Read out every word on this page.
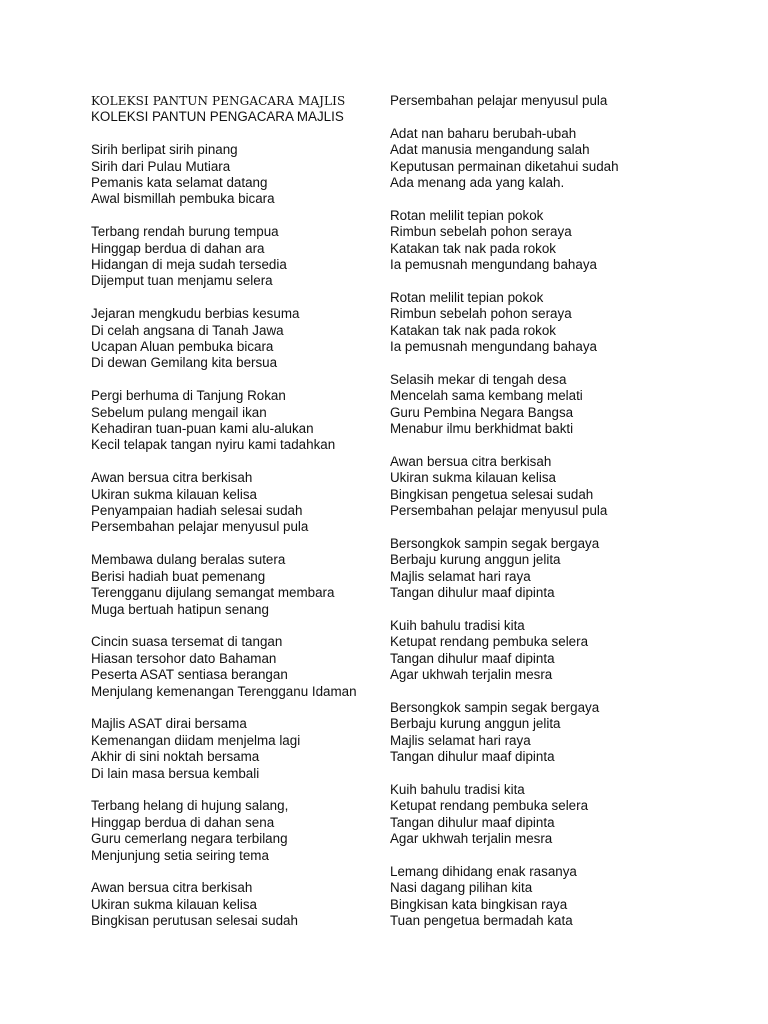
KOLEKSI PANTUN PENGACARA MAJLIS
KOLEKSI PANTUN PENGACARA MAJLIS
Sirih berlipat sirih pinang
Sirih dari Pulau Mutiara
Pemanis kata selamat datang
Awal bismillah pembuka bicara
Terbang rendah burung tempua
Hinggap berdua di dahan ara
Hidangan di meja sudah tersedia
Dijemput tuan menjamu selera
Jejaran mengkudu berbias kesuma
Di celah angsana di Tanah Jawa
Ucapan Aluan pembuka bicara
Di dewan Gemilang kita bersua
Pergi berhuma di Tanjung Rokan
Sebelum pulang mengail ikan
Kehadiran tuan-puan kami alu-alukan
Kecil telapak tangan nyiru kami tadahkan
Awan bersua citra berkisah
Ukiran sukma kilauan kelisa
Penyampaian hadiah selesai sudah
Persembahan pelajar menyusul pula
Membawa dulang beralas sutera
Berisi hadiah buat pemenang
Terengganu dijulang semangat membara
Muga bertuah hatipun senang
Cincin suasa tersemat di tangan
Hiasan tersohor dato Bahaman
Peserta ASAT sentiasa berangan
Menjulang kemenangan Terengganu Idaman
Majlis ASAT dirai bersama
Kemenangan diidam menjelma lagi
Akhir di sini noktah bersama
Di lain masa bersua kembali
Terbang helang di hujung salang,
Hinggap berdua di dahan sena
Guru cemerlang negara terbilang
Menjunjung setia seiring tema
Awan bersua citra berkisah
Ukiran sukma kilauan kelisa
Bingkisan perutusan selesai sudah
Persembahan pelajar menyusul pula
Adat nan baharu berubah-ubah
Adat manusia mengandung salah
Keputusan permainan diketahui sudah
Ada menang ada yang kalah.
Rotan melilit tepian pokok
Rimbun sebelah pohon seraya
Katakan tak nak pada rokok
Ia pemusnah mengundang bahaya
Rotan melilit tepian pokok
Rimbun sebelah pohon seraya
Katakan tak nak pada rokok
Ia pemusnah mengundang bahaya
Selasih mekar di tengah desa
Mencelah sama kembang melati
Guru Pembina Negara Bangsa
Menabur ilmu berkhidmat bakti
Awan bersua citra berkisah
Ukiran sukma kilauan kelisa
Bingkisan pengetua selesai sudah
Persembahan pelajar menyusul pula
Bersongkok sampin segak bergaya
Berbaju kurung anggun jelita
Majlis selamat hari raya
Tangan dihulur maaf dipinta
Kuih bahulu tradisi kita
Ketupat rendang pembuka selera
Tangan dihulur maaf dipinta
Agar ukhwah terjalin mesra
Bersongkok sampin segak bergaya
Berbaju kurung anggun jelita
Majlis selamat hari raya
Tangan dihulur maaf dipinta
Kuih bahulu tradisi kita
Ketupat rendang pembuka selera
Tangan dihulur maaf dipinta
Agar ukhwah terjalin mesra
Lemang dihidang enak rasanya
Nasi dagang pilihan kita
Bingkisan kata bingkisan raya
Tuan pengetua bermadah kata
